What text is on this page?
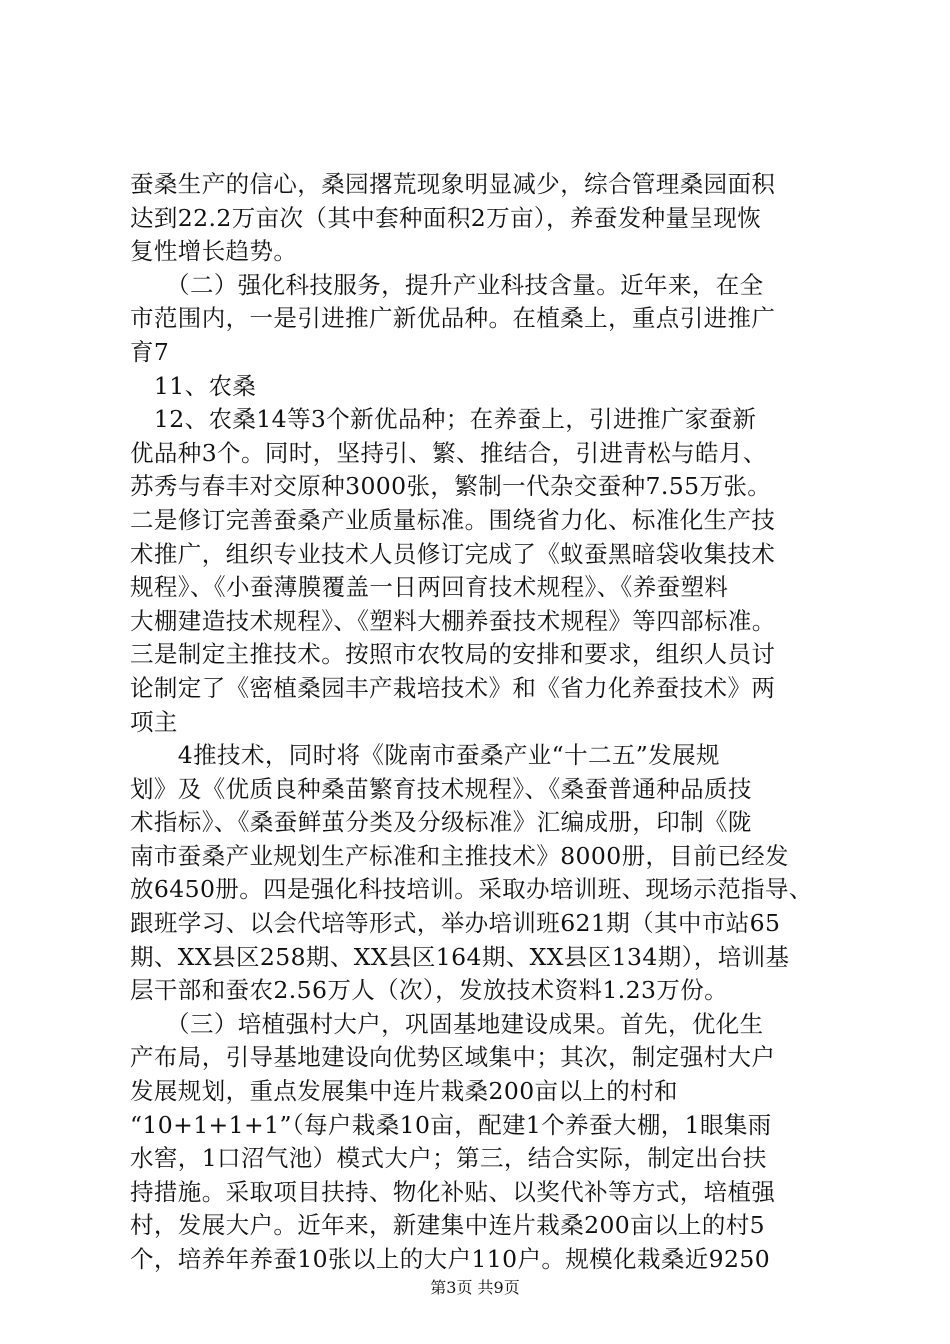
蚕桑生产的信心，桑园撂荒现象明显减少，综合管理桑园面积
达到22.2万亩次（其中套种面积2万亩），养蚕发种量呈现恢
复性增长趋势。
　　（二）强化科技服务，提升产业科技含量。近年来，在全
市范围内，一是引进推广新优品种。在植桑上，重点引进推广
育7
　11、农桑
　12、农桑14等3个新优品种；在养蚕上，引进推广家蚕新
优品种3个。同时，坚持引、繁、推结合，引进青松与皓月、
苏秀与春丰对交原种3000张，繁制一代杂交蚕种7.55万张。
二是修订完善蚕桑产业质量标准。围绕省力化、标准化生产技
术推广，组织专业技术人员修订完成了《蚁蚕黑暗袋收集技术
规程》、《小蚕薄膜覆盖一日两回育技术规程》、《养蚕塑料
大棚建造技术规程》、《塑料大棚养蚕技术规程》等四部标准。
三是制定主推技术。按照市农牧局的安排和要求，组织人员讨
论制定了《密植桑园丰产栽培技术》和《省力化养蚕技术》两
项主
　　4推技术，同时将《陇南市蚕桑产业“十二五”发展规
划》及《优质良种桑苗繁育技术规程》、《桑蚕普通种品质技
术指标》、《桑蚕鲜茧分类及分级标准》汇编成册，印制《陇
南市蚕桑产业规划生产标准和主推技术》8000册，目前已经发
放6450册。四是强化科技培训。采取办培训班、现场示范指导、
跟班学习、以会代培等形式，举办培训班621期（其中市站65
期、XX县区258期、XX县区164期、XX县区134期），培训基
层干部和蚕农2.56万人（次），发放技术资料1.23万份。
　　（三）培植强村大户，巩固基地建设成果。首先，优化生
产布局，引导基地建设向优势区域集中；其次，制定强村大户
发展规划，重点发展集中连片栽桑200亩以上的村和
“10+1+1+1”（每户栽桑10亩，配建1个养蚕大棚，1眼集雨
水窖，1口沼气池）模式大户；第三，结合实际，制定出台扶
持措施。采取项目扶持、物化补贴、以奖代补等方式，培植强
村，发展大户。近年来，新建集中连片栽桑200亩以上的村5
个，培养年养蚕10张以上的大户110户。规模化栽桑近9250
第3页 共9页
